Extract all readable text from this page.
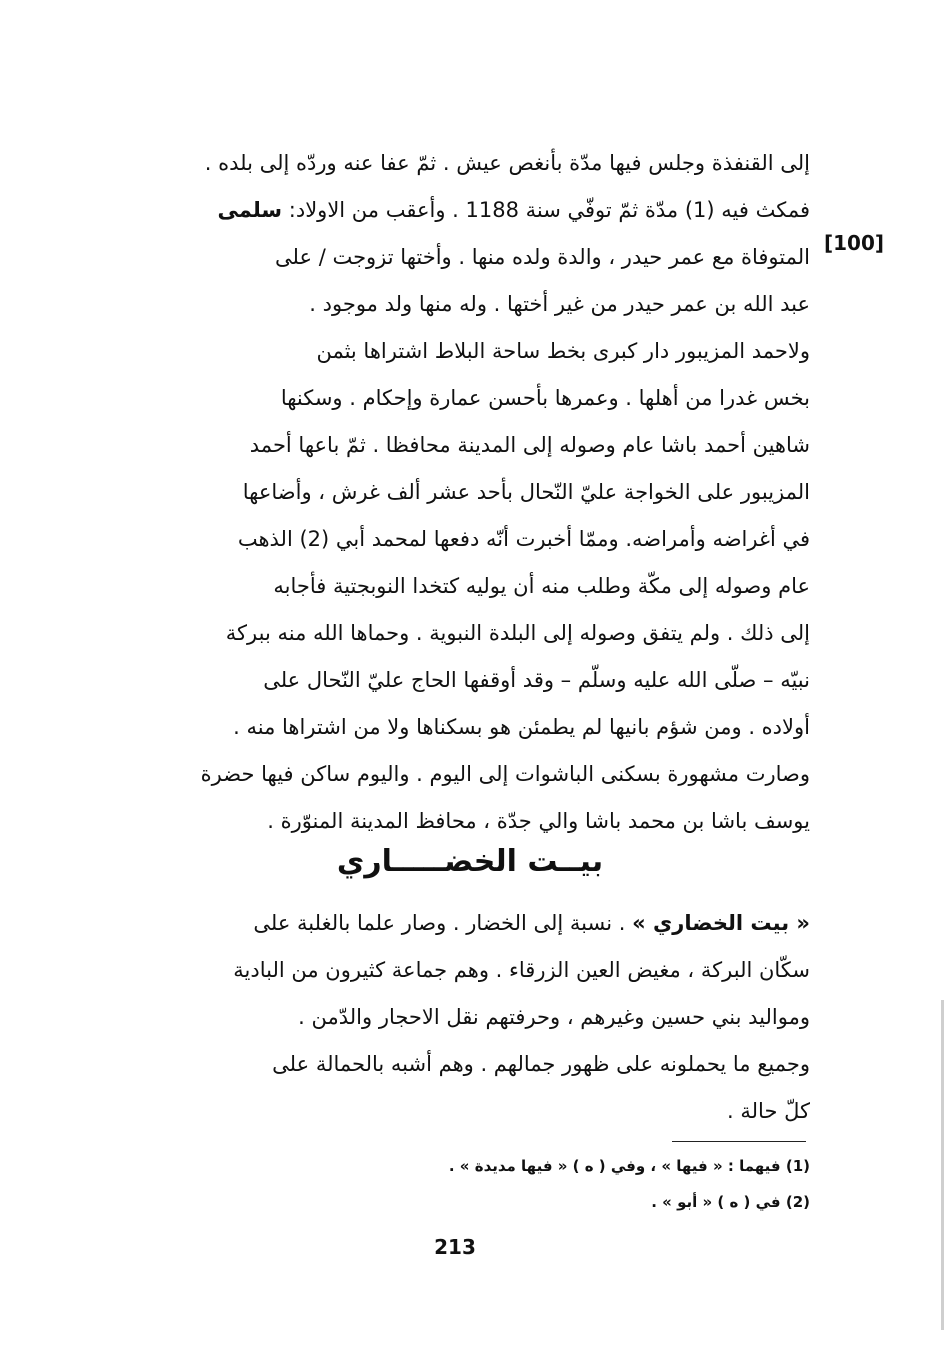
[100]
إلى القنفذة وجلس فيها مدّة بأنغص عيش . ثمّ عفا عنه وردّه إلى بلده .
فمكث فيه (1) مدّة ثمّ توفّي سنة 1188 . وأعقب من الاولاد: سلمى
المتوفاة مع عمر حيدر ، والدة ولده منها . وأختها تزوجت / على
عبد الله بن عمر حيدر من غير أختها . وله منها ولد موجود .
ولاحمد المزيبور دار كبرى بخط ساحة البلاط اشتراها بثمن
بخس غدرا من أهلها . وعمرها بأحسن عمارة وإحكام . وسكنها
شاهين أحمد باشا عام وصوله إلى المدينة محافظا . ثمّ باعها أحمد
المزيبور على الخواجة عليّ النّحال بأحد عشر ألف غرش ، وأضاعها
في أغراضه وأمراضه. وممّا أخبرت أنّه دفعها لمحمد أبي (2) الذهب
عام وصوله إلى مكّة وطلب منه أن يوليه كتخدا النوبجتية فأجابه
إلى ذلك . ولم يتفق وصوله إلى البلدة النبوية . وحماها الله منه ببركة
نبيّه – صلّى الله عليه وسلّم – وقد أوقفها الحاج عليّ النّحال على
أولاده . ومن شؤم بانيها لم يطمئن هو بسكناها ولا من اشتراها منه .
وصارت مشهورة بسكنى الباشوات إلى اليوم . واليوم ساكن فيها حضرة
يوسف باشا بن محمد باشا والي جدّة ، محافظ المدينة المنوّرة .
بيــت الخضـــــاري
« بيت الخضاري » . نسبة إلى الخضار . وصار علما بالغلبة على
سكّان البركة ، مغيض العين الزرقاء . وهم جماعة كثيرون من البادية
ومواليد بني حسين وغيرهم ، وحرفتهم نقل الاحجار والدّمن .
وجميع ما يحملونه على ظهور جمالهم . وهم أشبه بالحمالة على
كلّ حالة .
(1) فيهما : « فيها » ، وفي ( ه ) « فيها مديدة » .
(2) في ( ه ) « أبو » .
213
